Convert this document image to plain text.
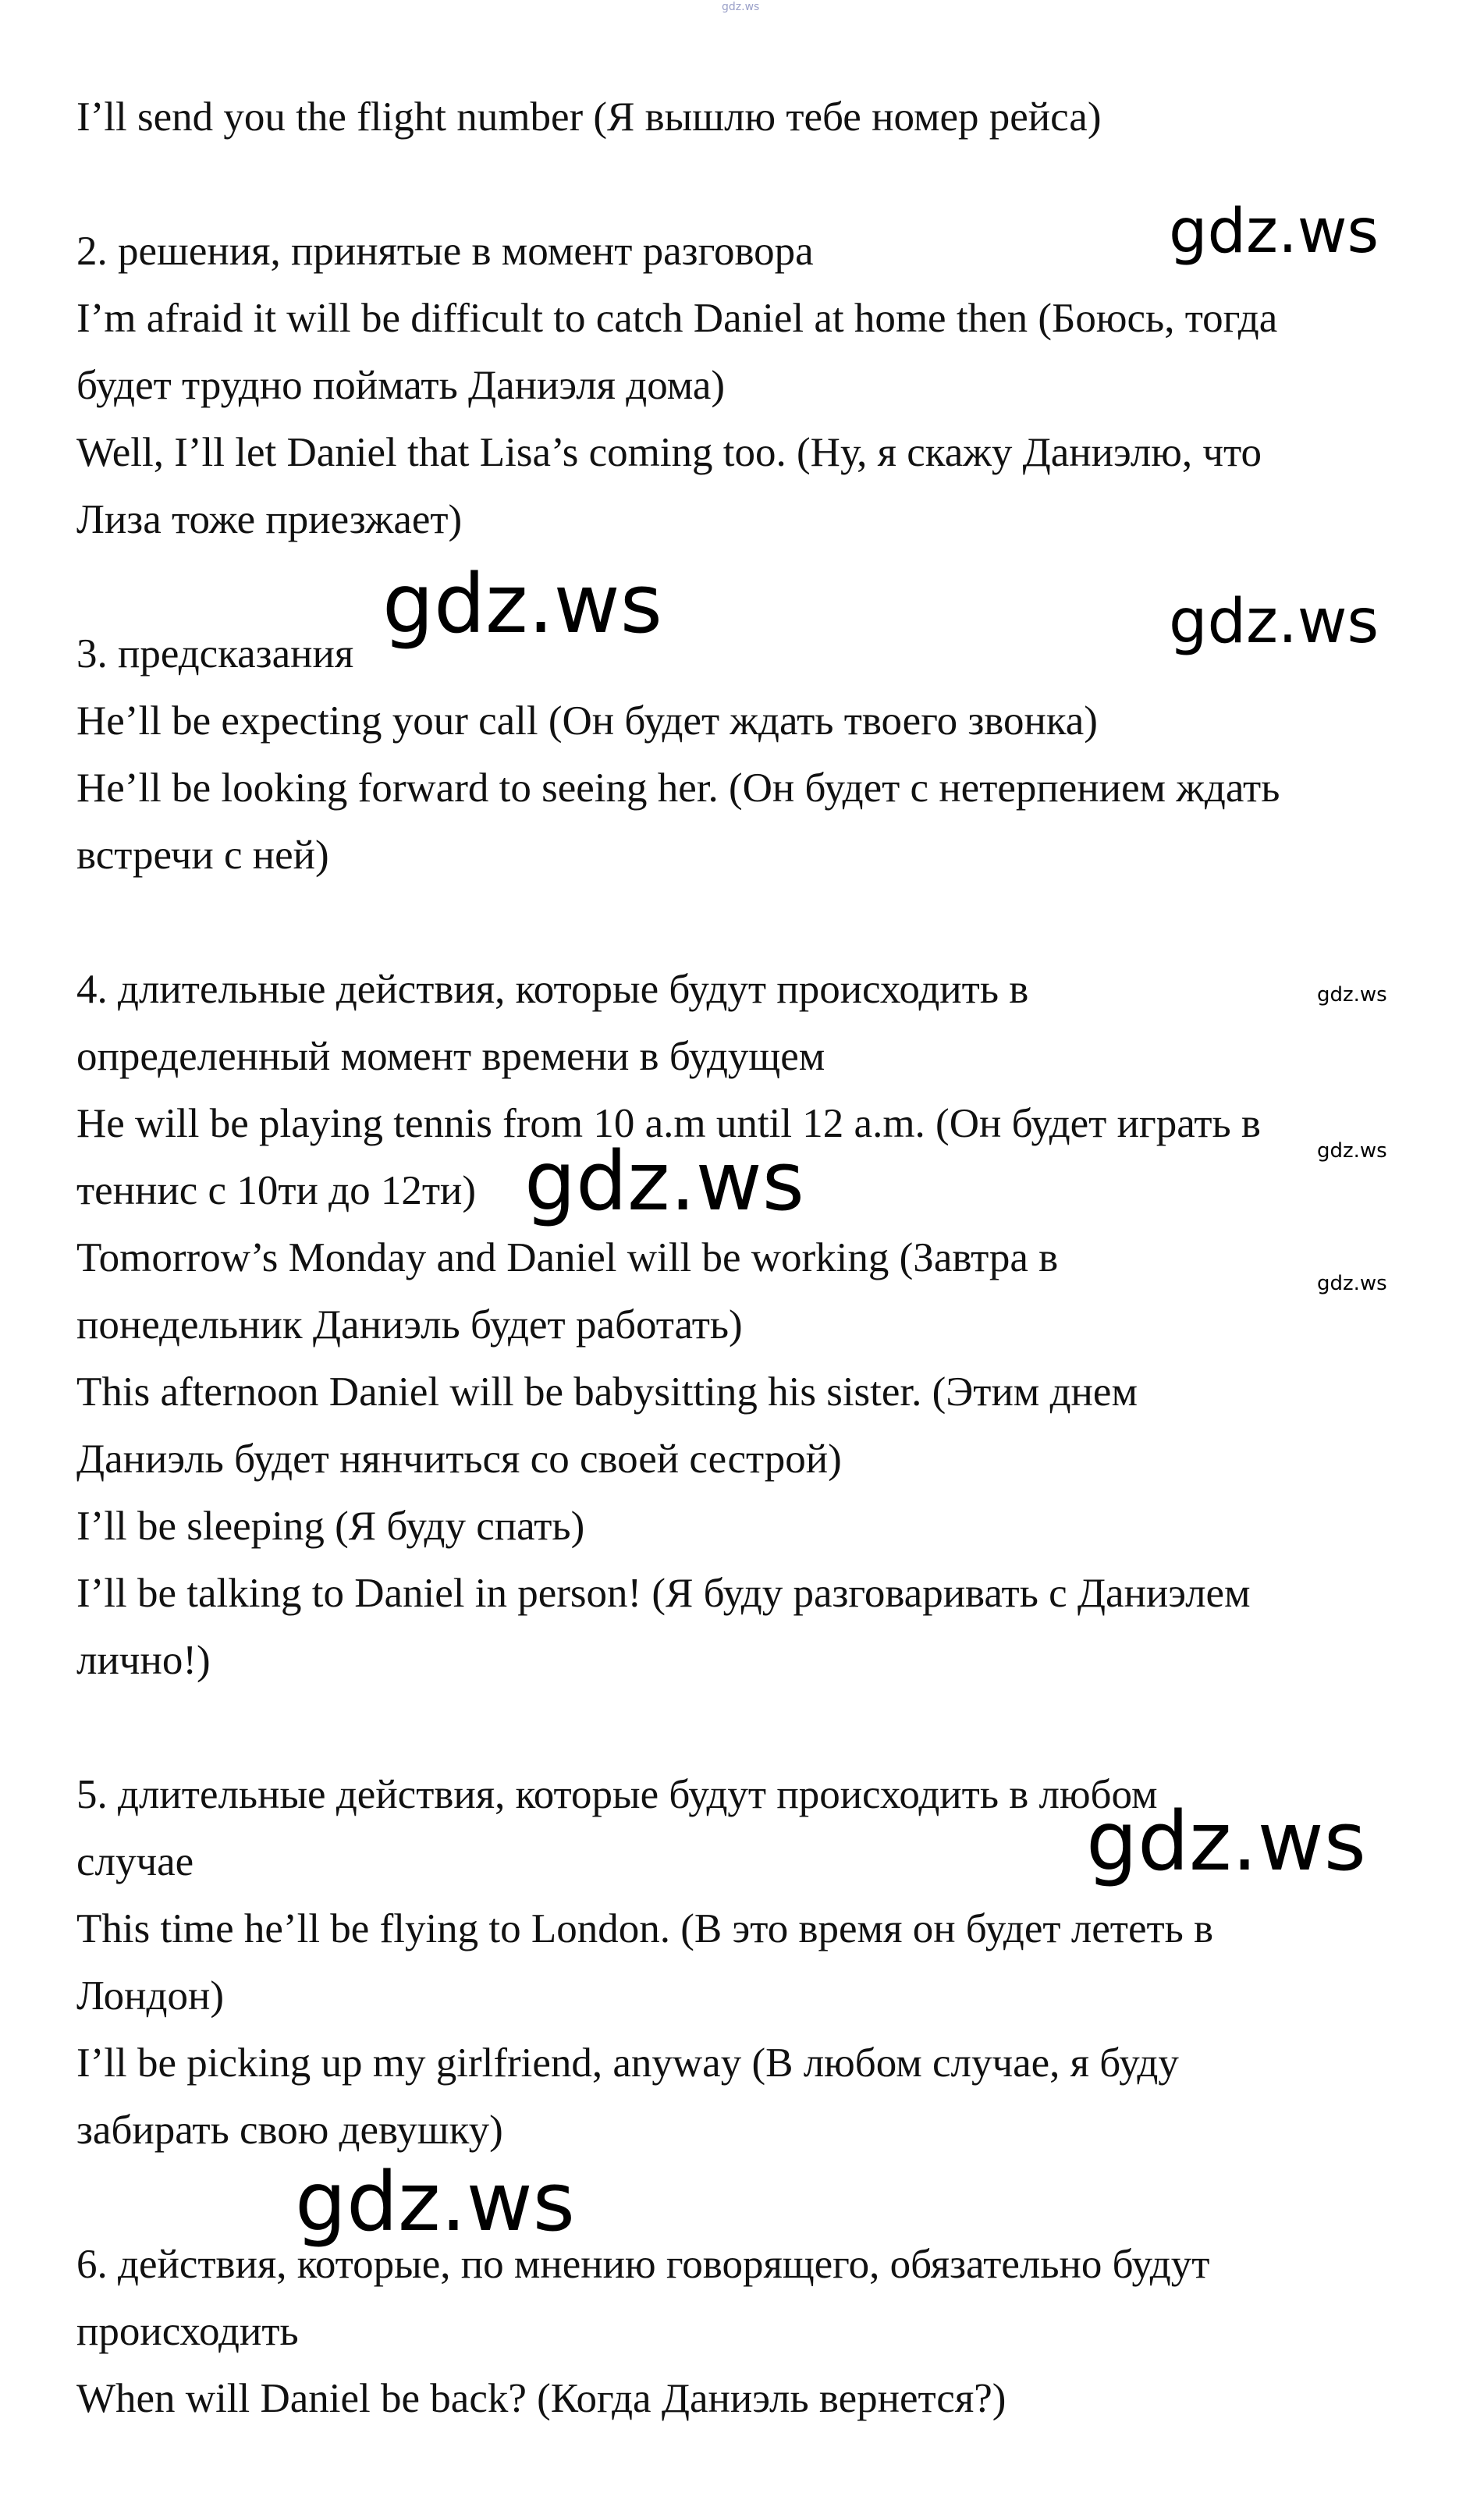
gdz.ws
I’ll send you the flight number (Я вышлю тебе номер рейса)
2. решения, принятые в момент разговора
I’m afraid it will be difficult to catch Daniel at home then (Боюсь, тогда
будет трудно поймать Даниэля дома)
Well, I’ll let Daniel that Lisa’s coming too. (Ну, я скажу Даниэлю, что
Лиза тоже приезжает)
3. предсказания
He’ll be expecting your call (Он будет ждать твоего звонка)
He’ll be looking forward to seeing her. (Он будет с нетерпением ждать
встречи с ней)
4. длительные действия, которые будут происходить в
определенный момент времени в будущем
He will be playing tennis from 10 a.m until 12 a.m. (Он будет играть в
теннис с 10ти до 12ти)
Tomorrow’s Monday and Daniel will be working (Завтра в
понедельник Даниэль будет работать)
This afternoon Daniel will be babysitting his sister. (Этим днем
Даниэль будет нянчиться со своей сестрой)
I’ll be sleeping (Я буду спать)
I’ll be talking to Daniel in person! (Я буду разговаривать с Даниэлем
лично!)
5. длительные действия, которые будут происходить в любом
случае
This time he’ll be flying to London. (В это время он будет лететь в
Лондон)
I’ll be picking up my girlfriend, anyway (В любом случае, я буду
забирать свою девушку)
6. действия, которые, по мнению говорящего, обязательно будут
происходить
When will Daniel be back? (Когда Даниэль вернется?)
gdz.ws
gdz.ws	gdz.ws
gdz.ws
gdz.ws
gdz.ws
gdz.ws
gdz.ws
gdz.ws
